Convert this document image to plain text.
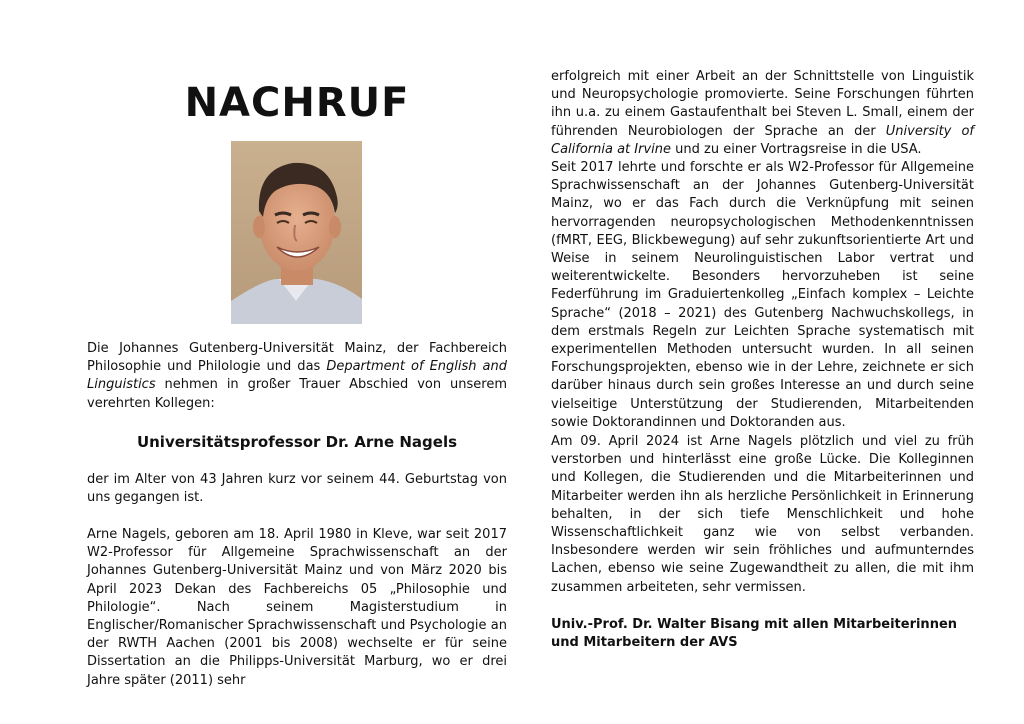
NACHRUF

Die Johannes Gutenberg-Universität Mainz, der Fachbereich Philosophie und Philologie und das Department of English and Linguistics nehmen in großer Trauer Abschied von unserem verehrten Kollegen:

Universitätsprofessor Dr. Arne Nagels

der im Alter von 43 Jahren kurz vor seinem 44. Geburtstag von uns gegangen ist.

Arne Nagels, geboren am 18. April 1980 in Kleve, war seit 2017 W2-Professor für Allgemeine Sprachwissenschaft an der Johannes Gutenberg-Universität Mainz und von März 2020 bis April 2023 Dekan des Fachbereichs 05 „Philosophie und Philologie“. Nach seinem Magisterstudium in Englischer/Romanischer Sprachwissenschaft und Psychologie an der RWTH Aachen (2001 bis 2008) wechselte er für seine Dissertation an die Philipps-Universität Marburg, wo er drei Jahre später (2011) sehr

erfolgreich mit einer Arbeit an der Schnittstelle von Linguistik und Neuropsychologie promovierte. Seine Forschungen führten ihn u.a. zu einem Gastaufenthalt bei Steven L. Small, einem der führenden Neurobiologen der Sprache an der University of California at Irvine und zu einer Vortragsreise in die USA.

Seit 2017 lehrte und forschte er als W2-Professor für Allgemeine Sprachwissenschaft an der Johannes Gutenberg-Universität Mainz, wo er das Fach durch die Verknüpfung mit seinen hervorragenden neuropsychologischen Methodenkenntnissen (fMRT, EEG, Blickbewegung) auf sehr zukunftsorientierte Art und Weise in seinem Neurolinguistischen Labor vertrat und weiterentwickelte. Besonders hervorzuheben ist seine Federführung im Graduiertenkolleg „Einfach komplex – Leichte Sprache“ (2018 – 2021) des Gutenberg Nachwuchskollegs, in dem erstmals Regeln zur Leichten Sprache systematisch mit experimentellen Methoden untersucht wurden. In all seinen Forschungsprojekten, ebenso wie in der Lehre, zeichnete er sich darüber hinaus durch sein großes Interesse an und durch seine vielseitige Unterstützung der Studierenden, Mitarbeitenden sowie Doktorandinnen und Doktoranden aus.

Am 09. April 2024 ist Arne Nagels plötzlich und viel zu früh verstorben und hinterlässt eine große Lücke. Die Kolleginnen und Kollegen, die Studierenden und die Mitarbeiterinnen und Mitarbeiter werden ihn als herzliche Persönlichkeit in Erinnerung behalten, in der sich tiefe Menschlichkeit und hohe Wissenschaftlichkeit ganz wie von selbst verbanden. Insbesondere werden wir sein fröhliches und aufmunterndes Lachen, ebenso wie seine Zugewandtheit zu allen, die mit ihm zusammen arbeiteten, sehr vermissen.

Univ.-Prof. Dr. Walter Bisang mit allen Mitarbeiterinnen und Mitarbeitern der AVS
